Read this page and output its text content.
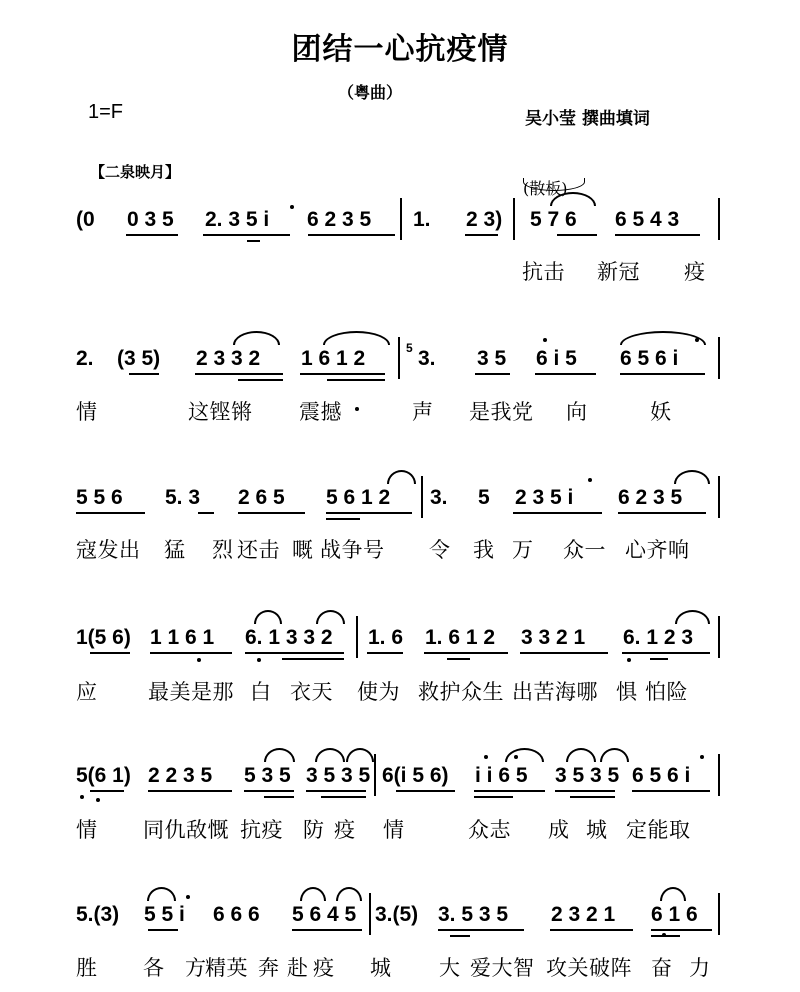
团结一心抗疫情
（粤曲）
1=F	吴小莹 撰曲填词
【二泉映月】
(散板)
(0 0 3 5 2. 3 5 i 6 2 3 5 1. 2 3) 5 7 6 6 5 4 3
抗击 新冠 疫
2. (3 5) 2 3 3 2 1 6 1 2	3. 3 5 6 i 5 6 5 6 i
5
情	这铿锵 震撼	声 是我党 向	妖
5 5 6 5. 3 2 6 5 5 6 1 2 3. 5 2 3 5 i 6 2 3 5
寇发出 猛 烈 还击 嘅 战争号 令 我 万 众一 心齐响
1(5 6) 1 1 6 1 6. 1 3 3 2 1. 6 1. 6 1 2 3 3 2 1 6. 1 2 3
应 最美是那 白 衣天 使为 救护众生 出苦海哪 惧 怕险
5(6 1) 2 2 3 5 5 3 5 3 5 3 5 6(i 5 6) i i 6 5 3 5 3 5 6 5 6 i
情 同仇敌慨 抗疫 防 疫 情	众志 成 城 定能取
5.(3) 5 5 i 6 6 6 5 6 4 5 3.(5) 3. 5 3 5 2 3 2 1 6 1 6
胜 各 方
精英 奔 赴 疫 城 大 爱大智 攻关破阵 奋 力
